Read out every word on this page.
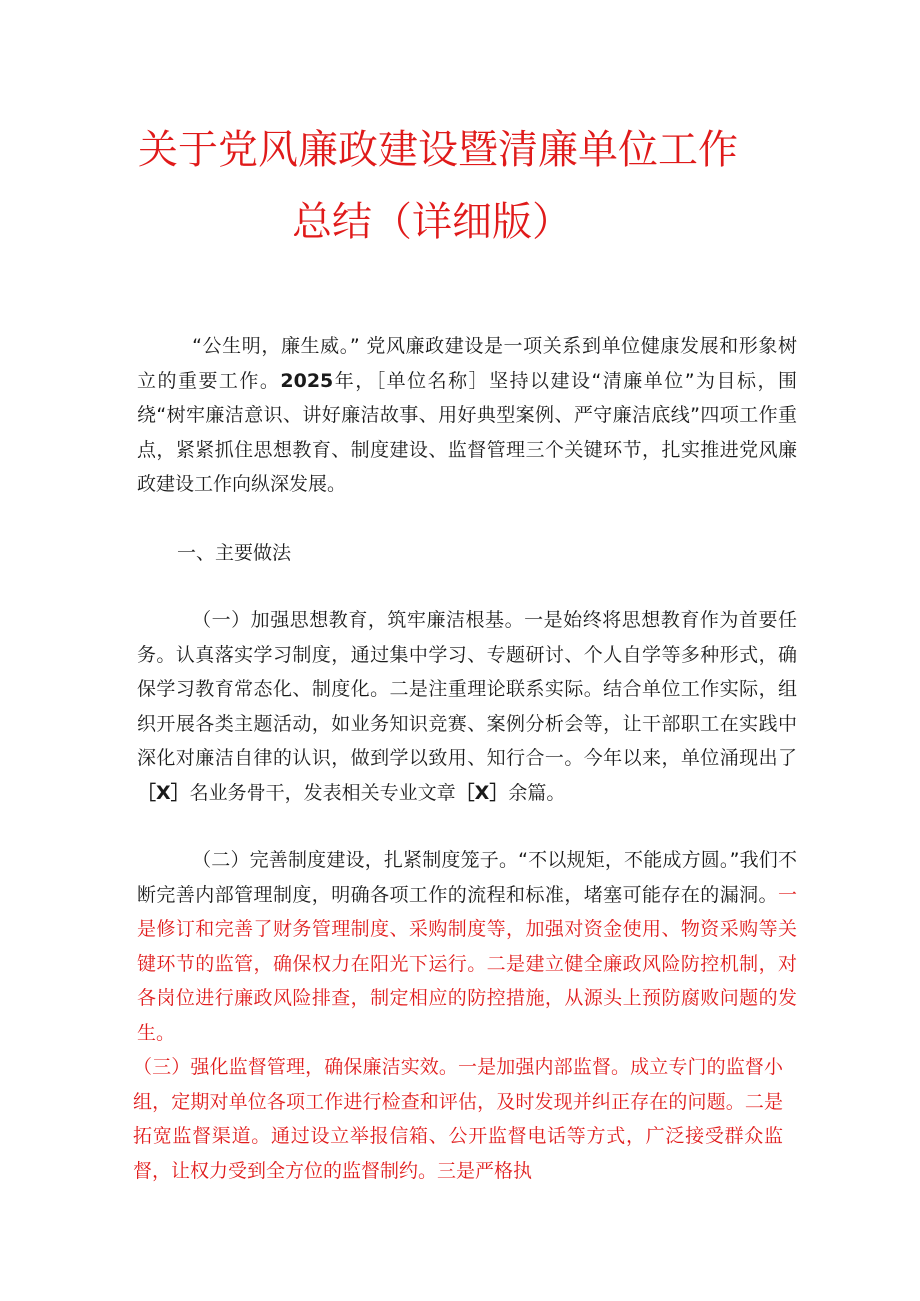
关于党风廉政建设暨清廉单位工作
总结（详细版）
“公生明，廉生威。” 党风廉政建设是一项关系到单位健康发展和形象树立的重要工作。2025年，［单位名称］坚持以建设“清廉单位”为目标，围绕“树牢廉洁意识、讲好廉洁故事、用好典型案例、严守廉洁底线”四项工作重点，紧紧抓住思想教育、制度建设、监督管理三个关键环节，扎实推进党风廉政建设工作向纵深发展。
一、主要做法
（一）加强思想教育，筑牢廉洁根基。一是始终将思想教育作为首要任务。认真落实学习制度，通过集中学习、专题研讨、个人自学等多种形式，确保学习教育常态化、制度化。二是注重理论联系实际。结合单位工作实际，组织开展各类主题活动，如业务知识竞赛、案例分析会等，让干部职工在实践中深化对廉洁自律的认识，做到学以致用、知行合一。今年以来，单位涌现出了［X］名业务骨干，发表相关专业文章［X］余篇。
（二）完善制度建设，扎紧制度笼子。“不以规矩，不能成方圆。”我们不断完善内部管理制度，明确各项工作的流程和标准，堵塞可能存在的漏洞。一是修订和完善了财务管理制度、采购制度等，加强对资金使用、物资采购等关键环节的监管，确保权力在阳光下运行。二是建立健全廉政风险防控机制，对各岗位进行廉政风险排查，制定相应的防控措施，从源头上预防腐败问题的发生。
（三）强化监督管理，确保廉洁实效。一是加强内部监督。成立专门的监督小组，定期对单位各项工作进行检查和评估，及时发现并纠正存在的问题。二是拓宽监督渠道。通过设立举报信箱、公开监督电话等方式，广泛接受群众监督，让权力受到全方位的监督制约。三是严格执
